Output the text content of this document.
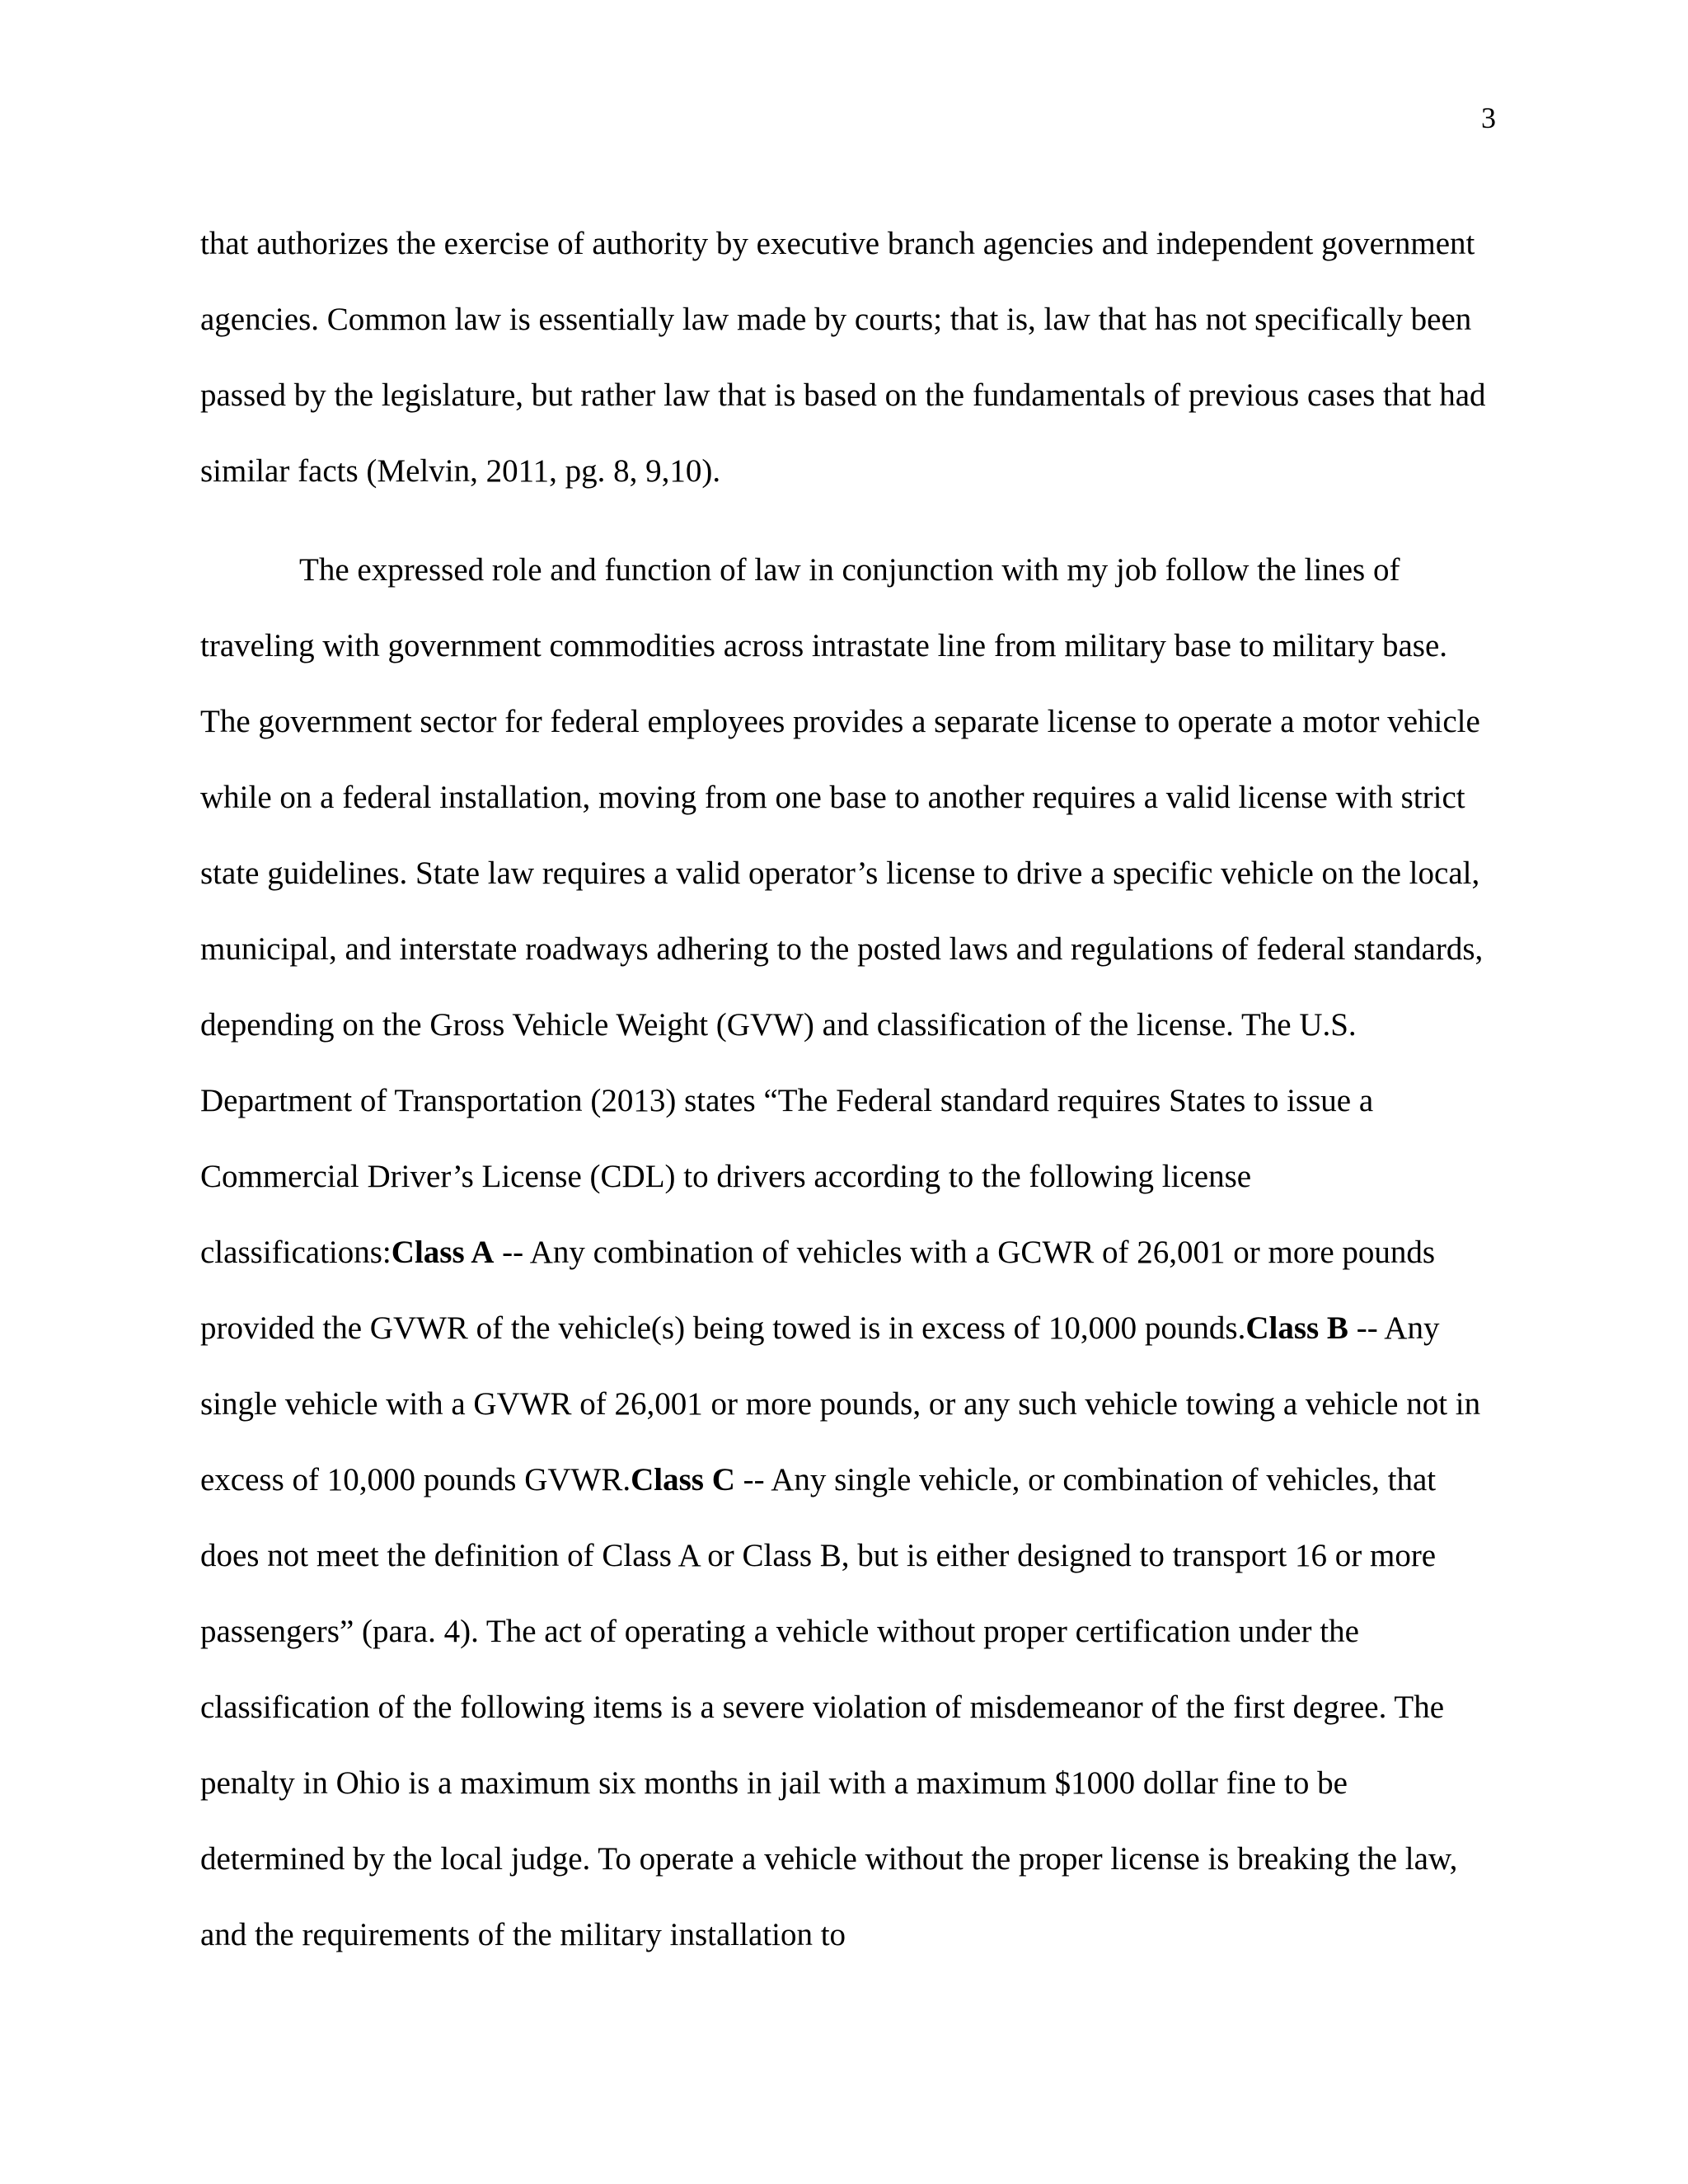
3

that authorizes the exercise of authority by executive branch agencies and independent government agencies. Common law is essentially law made by courts; that is, law that has not specifically been passed by the legislature, but rather law that is based on the fundamentals of previous cases that had similar facts (Melvin, 2011, pg. 8, 9,10).

The expressed role and function of law in conjunction with my job follow the lines of traveling with government commodities across intrastate line from military base to military base. The government sector for federal employees provides a separate license to operate a motor vehicle while on a federal installation, moving from one base to another requires a valid license with strict state guidelines. State law requires a valid operator’s license to drive a specific vehicle on the local, municipal, and interstate roadways adhering to the posted laws and regulations of federal standards, depending on the Gross Vehicle Weight (GVW) and classification of the license. The U.S. Department of Transportation (2013) states “The Federal standard requires States to issue a Commercial Driver’s License (CDL) to drivers according to the following license classifications:Class A -- Any combination of vehicles with a GCWR of 26,001 or more pounds provided the GVWR of the vehicle(s) being towed is in excess of 10,000 pounds.Class B -- Any single vehicle with a GVWR of 26,001 or more pounds, or any such vehicle towing a vehicle not in excess of 10,000 pounds GVWR.Class C -- Any single vehicle, or combination of vehicles, that does not meet the definition of Class A or Class B, but is either designed to transport 16 or more passengers” (para. 4). The act of operating a vehicle without proper certification under the classification of the following items is a severe violation of misdemeanor of the first degree. The penalty in Ohio is a maximum six months in jail with a maximum $1000 dollar fine to be determined by the local judge. To operate a vehicle without the proper license is breaking the law, and the requirements of the military installation to
